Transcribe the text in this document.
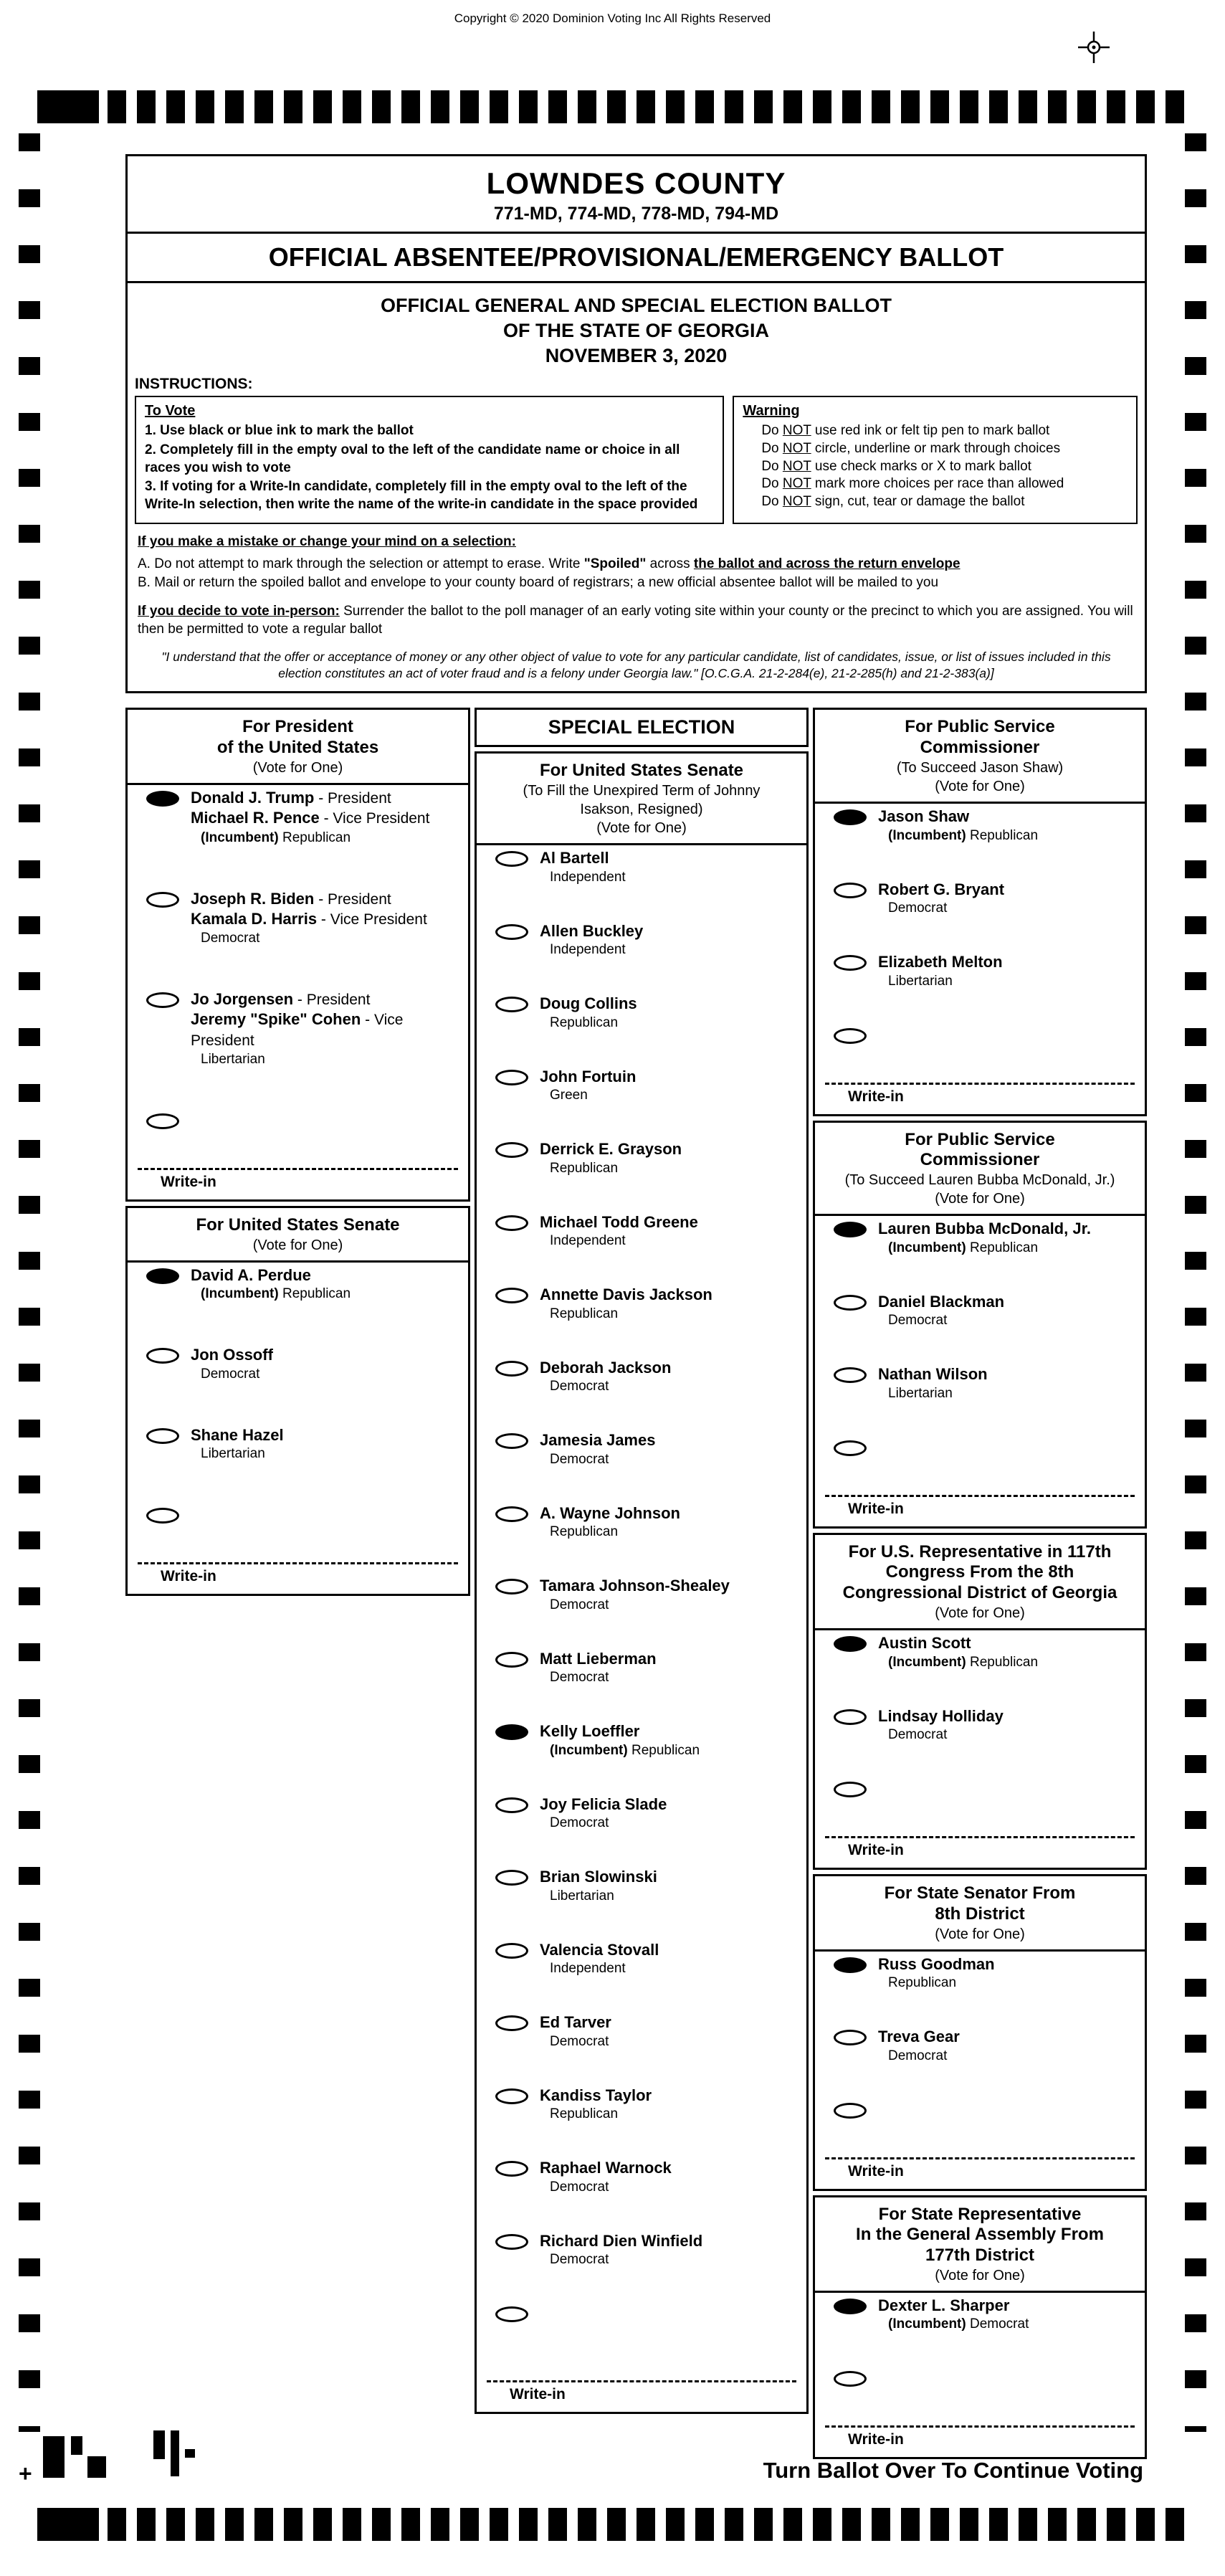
Copyright © 2020 Dominion Voting Inc All Rights Reserved
LOWNDES COUNTY
771-MD, 774-MD, 778-MD, 794-MD
OFFICIAL ABSENTEE/PROVISIONAL/EMERGENCY BALLOT
OFFICIAL GENERAL AND SPECIAL ELECTION BALLOT
OF THE STATE OF GEORGIA
NOVEMBER 3, 2020
INSTRUCTIONS:
To Vote
1. Use black or blue ink to mark the ballot
2. Completely fill in the empty oval to the left of the candidate name or choice in all races you wish to vote
3. If voting for a Write-In candidate, completely fill in the empty oval to the left of the Write-In selection, then write the name of the write-in candidate in the space provided
Warning
Do NOT use red ink or felt tip pen to mark ballot
Do NOT circle, underline or mark through choices
Do NOT use check marks or X to mark ballot
Do NOT mark more choices per race than allowed
Do NOT sign, cut, tear or damage the ballot
If you make a mistake or change your mind on a selection:
A. Do not attempt to mark through the selection or attempt to erase. Write "Spoiled" across the ballot and across the return envelope
B. Mail or return the spoiled ballot and envelope to your county board of registrars; a new official absentee ballot will be mailed to you
If you decide to vote in-person: Surrender the ballot to the poll manager of an early voting site within your county or the precinct to which you are assigned. You will then be permitted to vote a regular ballot
"I understand that the offer or acceptance of money or any other object of value to vote for any particular candidate, list of candidates, issue, or list of issues included in this election constitutes an act of voter fraud and is a felony under Georgia law." [O.C.G.A. 21-2-284(e), 21-2-285(h) and 21-2-383(a)]
For President
of the United States
(Vote for One)
Donald J. Trump - President
Michael R. Pence - Vice President
(Incumbent) Republican
Joseph R. Biden - President
Kamala D. Harris - Vice President
Democrat
Jo Jorgensen - President
Jeremy "Spike" Cohen - Vice President
Libertarian
Write-in
For United States Senate
(Vote for One)
David A. Perdue
(Incumbent) Republican
Jon Ossoff
Democrat
Shane Hazel
Libertarian
Write-in
SPECIAL ELECTION
For United States Senate
(To Fill the Unexpired Term of Johnny
Isakson, Resigned)
(Vote for One)
Al Bartell
Independent
Allen Buckley
Independent
Doug Collins
Republican
John Fortuin
Green
Derrick E. Grayson
Republican
Michael Todd Greene
Independent
Annette Davis Jackson
Republican
Deborah Jackson
Democrat
Jamesia James
Democrat
A. Wayne Johnson
Republican
Tamara Johnson-Shealey
Democrat
Matt Lieberman
Democrat
Kelly Loeffler
(Incumbent) Republican
Joy Felicia Slade
Democrat
Brian Slowinski
Libertarian
Valencia Stovall
Independent
Ed Tarver
Democrat
Kandiss Taylor
Republican
Raphael Warnock
Democrat
Richard Dien Winfield
Democrat
Write-in
For Public Service
Commissioner
(To Succeed Jason Shaw)
(Vote for One)
Jason Shaw
(Incumbent) Republican
Robert G. Bryant
Democrat
Elizabeth Melton
Libertarian
Write-in
For Public Service
Commissioner
(To Succeed Lauren Bubba McDonald, Jr.)
(Vote for One)
Lauren Bubba McDonald, Jr.
(Incumbent) Republican
Daniel Blackman
Democrat
Nathan Wilson
Libertarian
Write-in
For U.S. Representative in 117th
Congress From the 8th
Congressional District of Georgia
(Vote for One)
Austin Scott
(Incumbent) Republican
Lindsay Holliday
Democrat
Write-in
For State Senator From
8th District
(Vote for One)
Russ Goodman
Republican
Treva Gear
Democrat
Write-in
For State Representative
In the General Assembly From
177th District
(Vote for One)
Dexter L. Sharper
(Incumbent) Democrat
Write-in
Turn Ballot Over To Continue Voting
+
